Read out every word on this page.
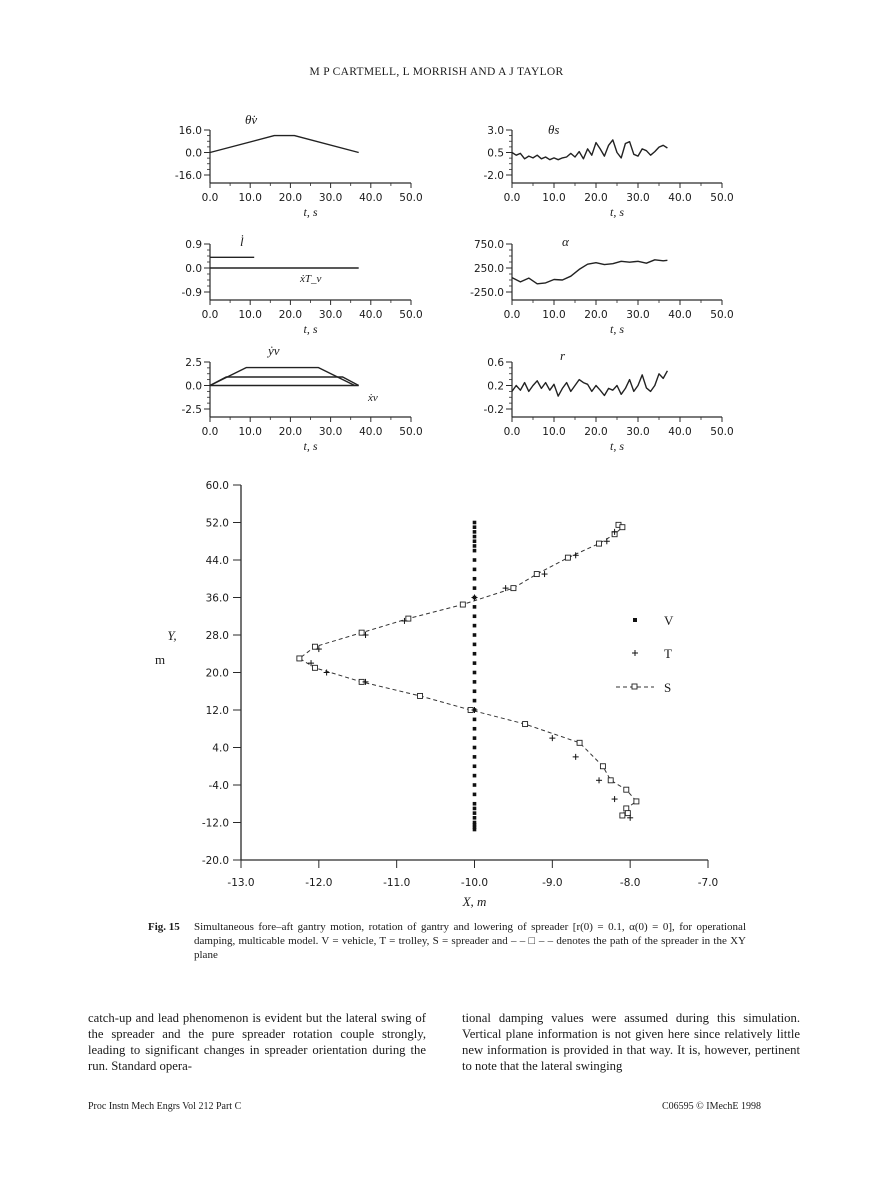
M P CARTMELL, L MORRISH AND A J TAYLOR
16.0
0.0
-16.0
0.0 10.0 20.0 30.0 40.0 50.0
t, s
θ̇v
3.0
0.5
-2.0
0.0 10.0 20.0 30.0 40.0 50.0
t, s
θs
0.9
0.0
-0.9
0.0 10.0 20.0 30.0 40.0 50.0
t, s
l̇
ẋT_v
750.0
250.0
-250.0
0.0 10.0 20.0 30.0 40.0 50.0
t, s
α
2.5
0.0
-2.5
0.0 10.0 20.0 30.0 40.0 50.0
t, s
ẏv
ẋv
0.6
0.2
-0.2
0.0 10.0 20.0 30.0 40.0 50.0
t, s
r
60.0
52.0
44.0
36.0
28.0
20.0
12.0
4.0
-4.0
-12.0
-20.0
-13.0	-12.0	-11.0	-10.0	-9.0	-8.0	-7.0
X, m
Y,
m
V
T
S
Fig. 15 Simultaneous fore–aft gantry motion, rotation of gantry and lowering of spreader [r(0) = 0.1, α(0) = 0], for operational damping, multicable model. V = vehicle, T = trolley, S = spreader and – – □ – – denotes the path of the spreader in the XY plane
catch-up and lead phenomenon is evident but the lateral swing of the spreader and the pure spreader rotation couple strongly, leading to significant changes in spreader orientation during the run. Standard opera-
tional damping values were assumed during this simulation. Vertical plane information is not given here since relatively little new information is provided in that way. It is, however, pertinent to note that the lateral swinging
Proc Instn Mech Engrs Vol 212 Part C	C06595 © IMechE 1998
